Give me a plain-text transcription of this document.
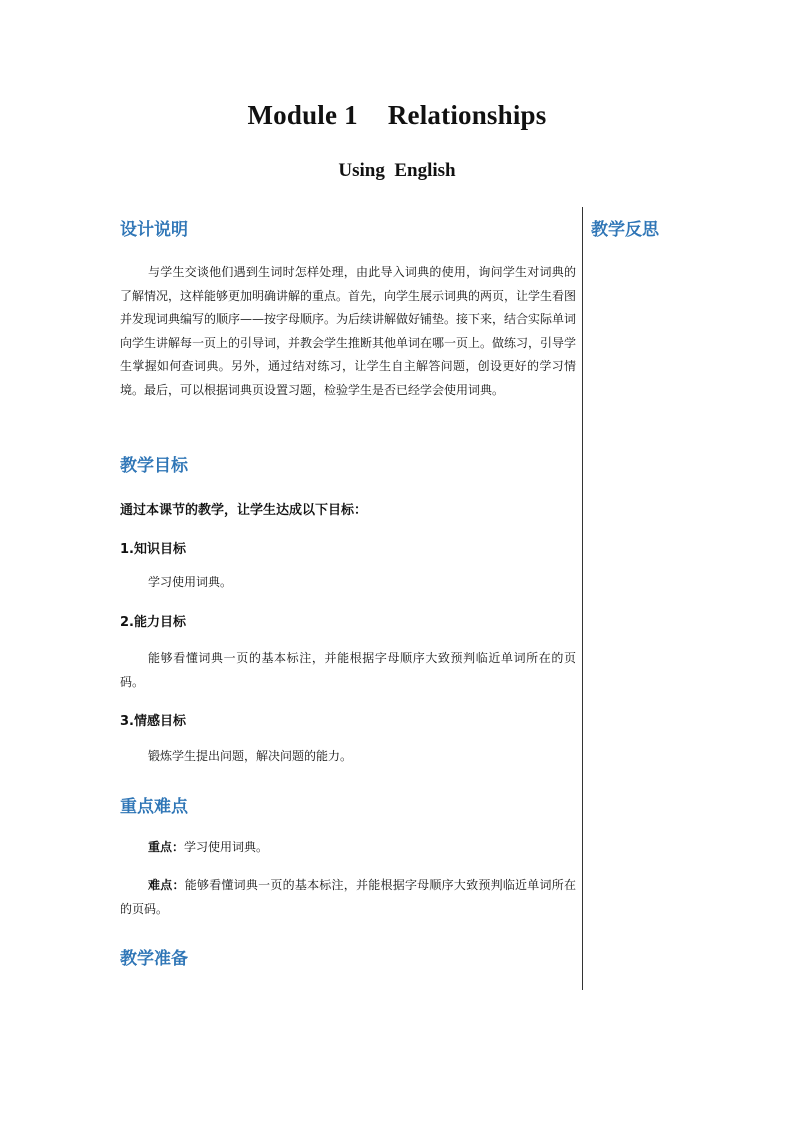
Module 1 Relationships
Using  English
教学反思
设计说明
与学生交谈他们遇到生词时怎样处理，由此导入词典的使用，询问学生对词典的了解情况，这样能够更加明确讲解的重点。首先，向学生展示词典的两页，让学生看图并发现词典编写的顺序——按字母顺序。为后续讲解做好铺垫。接下来，结合实际单词向学生讲解每一页上的引导词，并教会学生推断其他单词在哪一页上。做练习，引导学生掌握如何查词典。另外，通过结对练习，让学生自主解答问题，创设更好的学习情境。最后，可以根据词典页设置习题，检验学生是否已经学会使用词典。
教学目标
通过本课节的教学，让学生达成以下目标：
1.知识目标
学习使用词典。
2.能力目标
能够看懂词典一页的基本标注，并能根据字母顺序大致预判临近单词所在的页码。
3.情感目标
锻炼学生提出问题，解决问题的能力。
重点难点
重点：学习使用词典。
难点：能够看懂词典一页的基本标注，并能根据字母顺序大致预判临近单词所在的页码。
教学准备
